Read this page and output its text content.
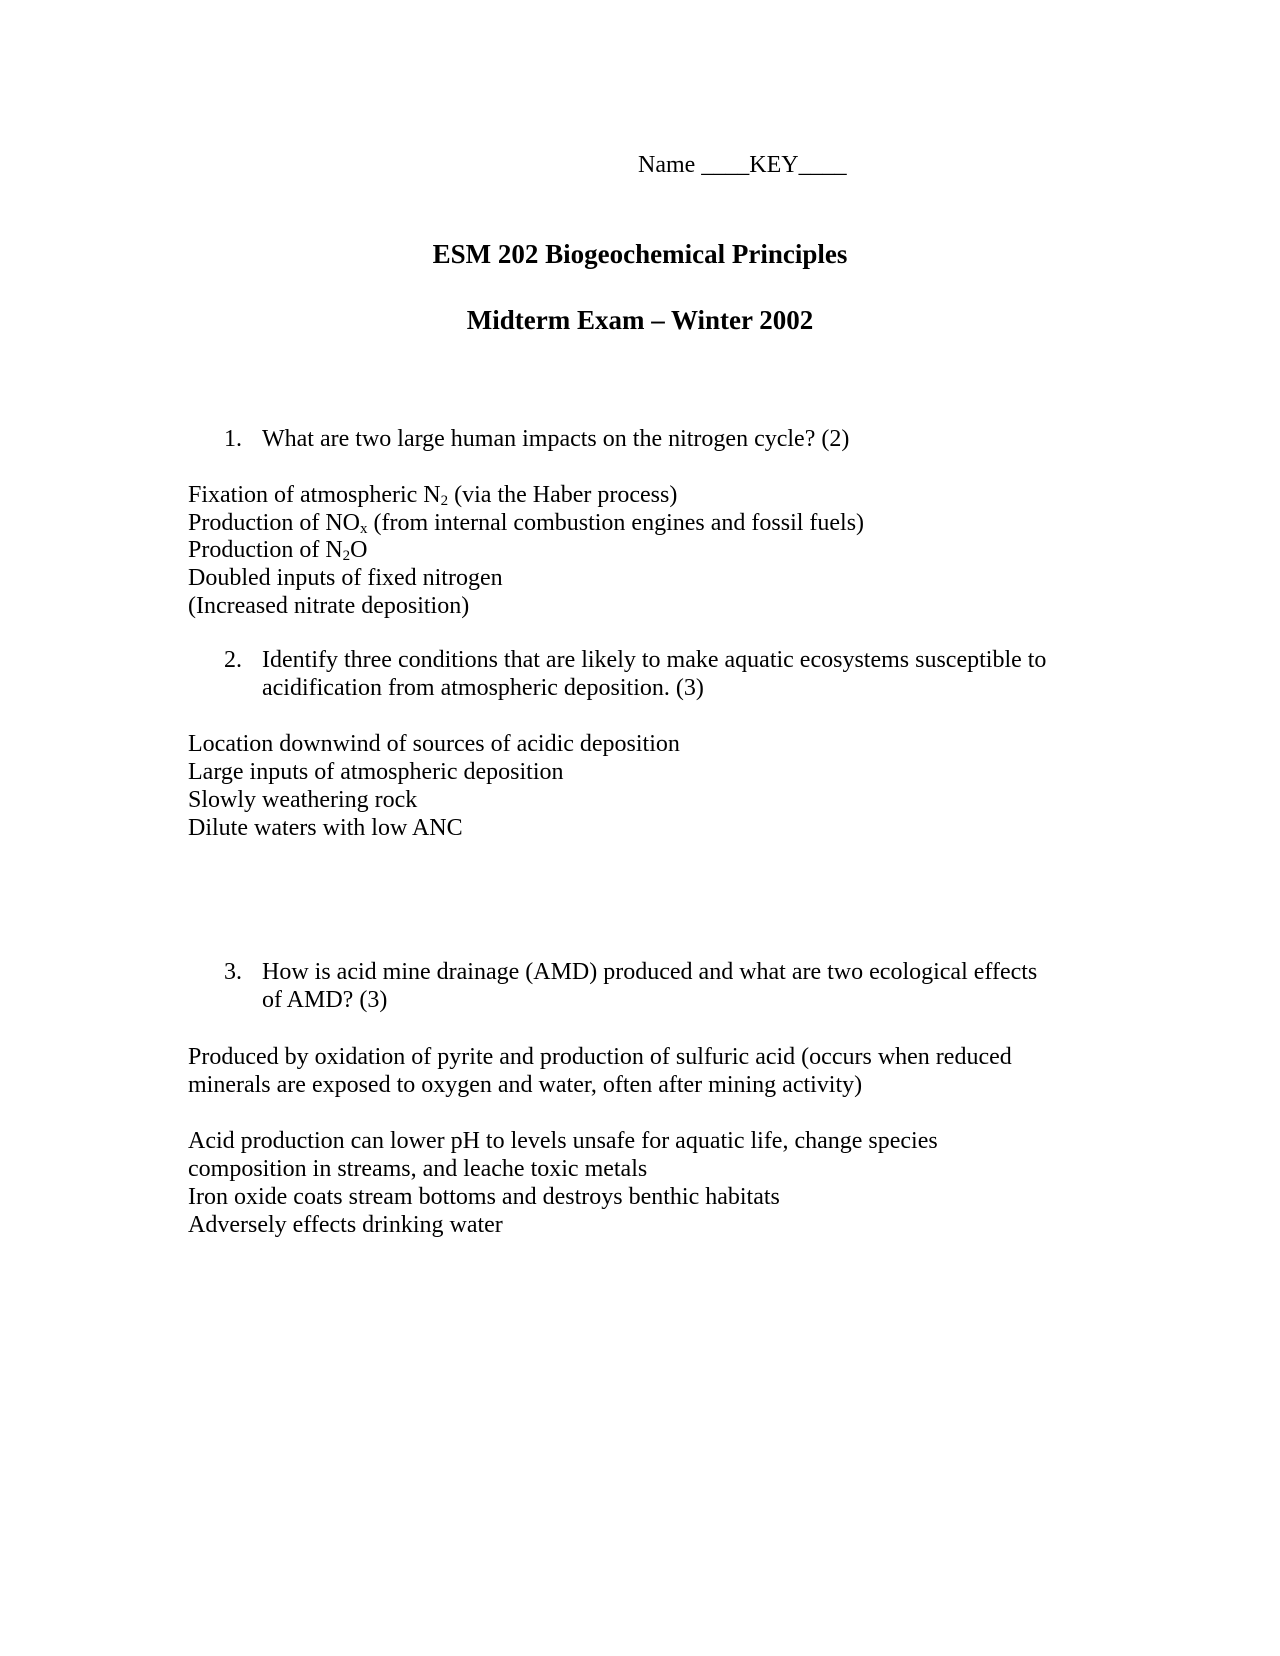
Name ____KEY____
ESM 202 Biogeochemical Principles
Midterm Exam – Winter 2002
1. What are two large human impacts on the nitrogen cycle? (2)
Fixation of atmospheric $N_2$ (via the Haber process)
Production of $NO_x$ (from internal combustion engines and fossil fuels)
Production of $N_2O$
Doubled inputs of fixed nitrogen
(Increased nitrate deposition)
2. Identify three conditions that are likely to make aquatic ecosystems susceptible to
acidification from atmospheric deposition. (3)
Location downwind of sources of acidic deposition
Large inputs of atmospheric deposition
Slowly weathering rock
Dilute waters with low ANC
3. How is acid mine drainage (AMD) produced and what are two ecological effects
of AMD? (3)
Produced by oxidation of pyrite and production of sulfuric acid (occurs when reduced
minerals are exposed to oxygen and water, often after mining activity)
Acid production can lower pH to levels unsafe for aquatic life, change species
composition in streams, and leache toxic metals
Iron oxide coats stream bottoms and destroys benthic habitats
Adversely effects drinking water
